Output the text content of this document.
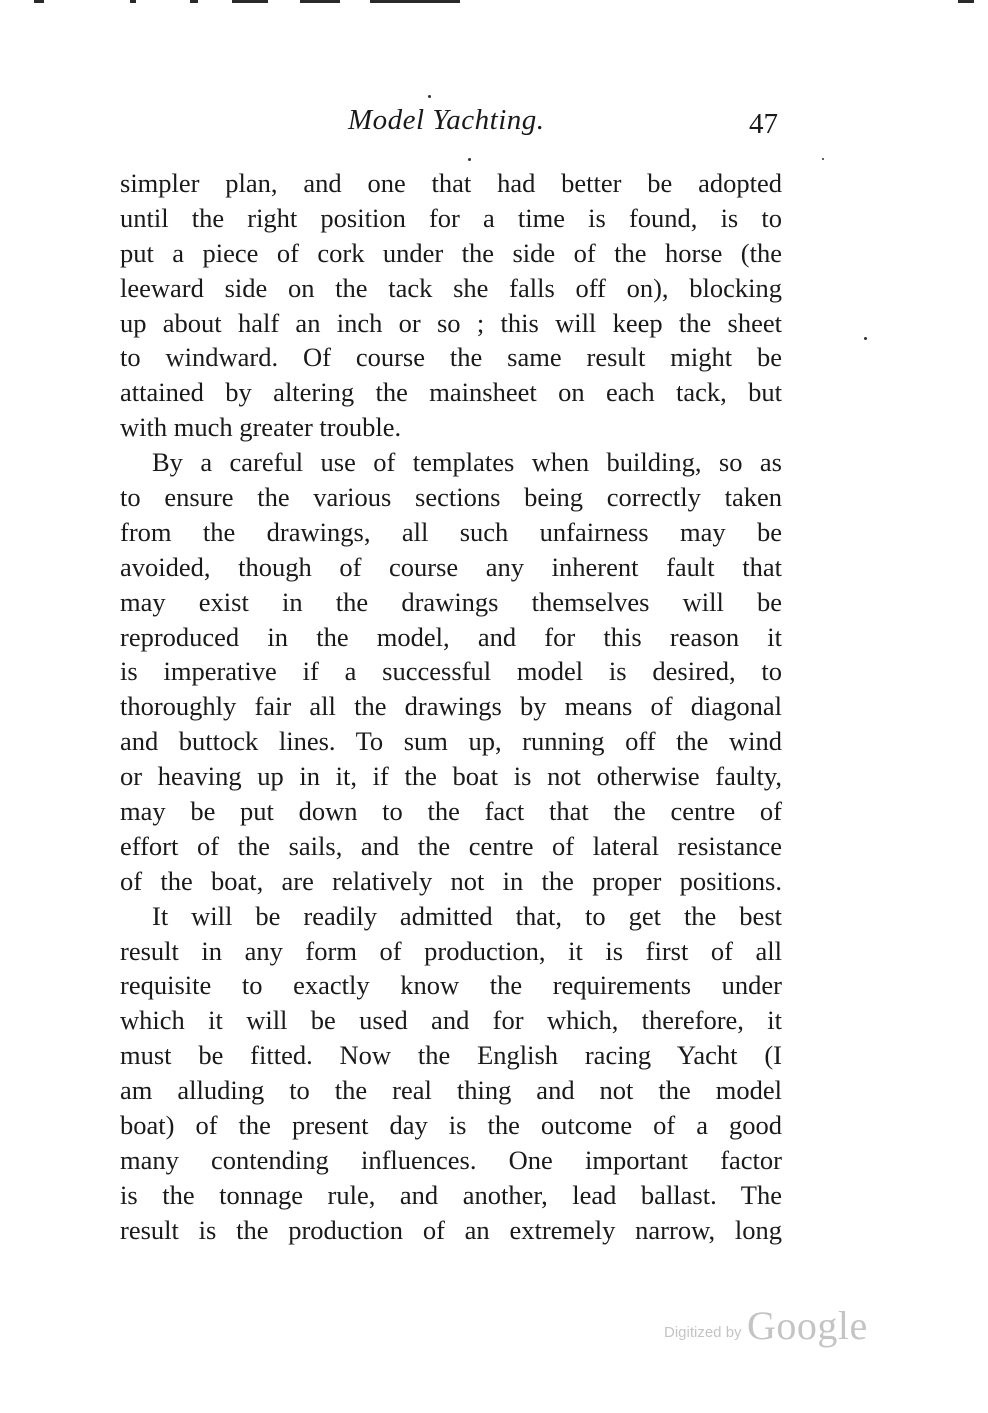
Model Yachting.	47
simpler plan, and one that had better be adopted
until the right position for a time is found, is to
put a piece of cork under the side of the horse (the
leeward side on the tack she falls off on), blocking
up about half an inch or so ; this will keep the sheet
to windward. Of course the same result might be
attained by altering the mainsheet on each tack, but
with much greater trouble.
By a careful use of templates when building, so as
to ensure the various sections being correctly taken
from the drawings, all such unfairness may be
avoided, though of course any inherent fault that
may exist in the drawings themselves will be
reproduced in the model, and for this reason it
is imperative if a successful model is desired, to
thoroughly fair all the drawings by means of diagonal
and buttock lines. To sum up, running off the wind
or heaving up in it, if the boat is not otherwise faulty,
may be put down to the fact that the centre of
effort of the sails, and the centre of lateral resistance
of the boat, are relatively not in the proper positions.
It will be readily admitted that, to get the best
result in any form of production, it is first of all
requisite to exactly know the requirements under
which it will be used and for which, therefore, it
must be fitted. Now the English racing Yacht (I
am alluding to the real thing and not the model
boat) of the present day is the outcome of a good
many contending influences. One important factor
is the tonnage rule, and another, lead ballast. The
result is the production of an extremely narrow, long
Digitized by Google
